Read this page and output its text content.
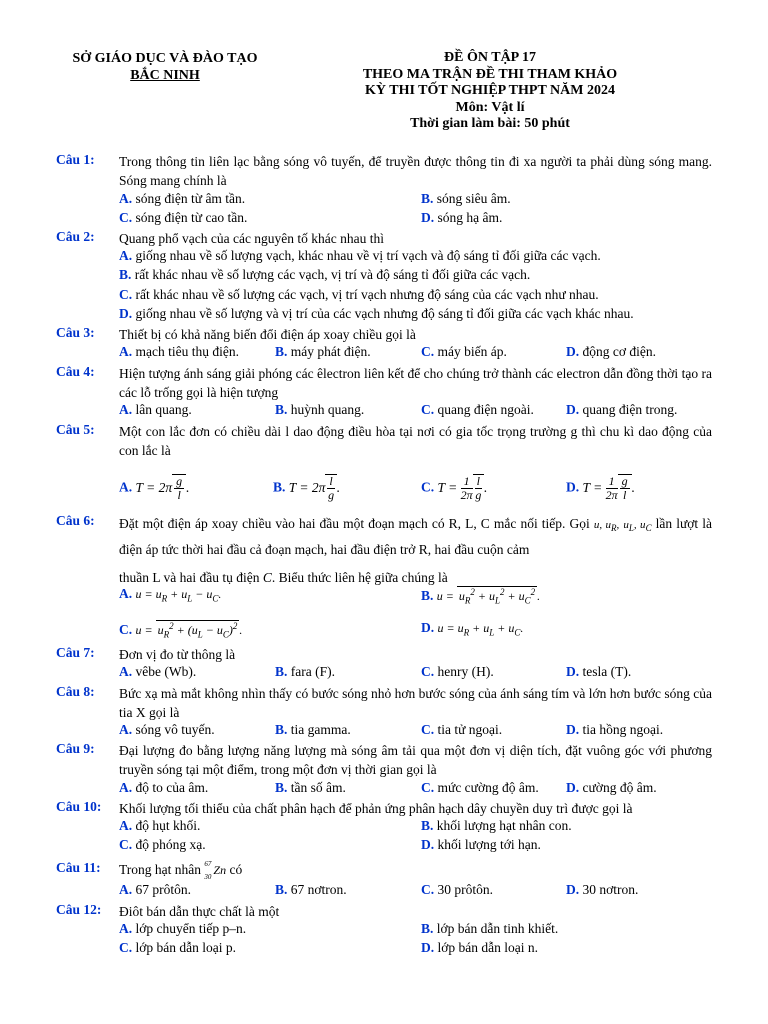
SỞ GIÁO DỤC VÀ ĐÀO TẠO
BẮC NINH
ĐỀ ÔN TẬP 17
THEO MA TRẬN ĐỀ THI THAM KHẢO
KỲ THI TỐT NGHIỆP THPT NĂM 2024
Môn: Vật lí
Thời gian làm bài: 50 phút
Câu 1: Trong thông tin liên lạc bằng sóng vô tuyến, để truyền được thông tin đi xa người ta phải dùng sóng mang. Sóng mang chính là
A. sóng điện từ âm tần.	B. sóng siêu âm.
C. sóng điện từ cao tần.	D. sóng hạ âm.
Câu 2: Quang phổ vạch của các nguyên tố khác nhau thì
A. giống nhau về số lượng vạch, khác nhau về vị trí vạch và độ sáng tỉ đối giữa các vạch.
B. rất khác nhau về số lượng các vạch, vị trí và độ sáng tỉ đối giữa các vạch.
C. rất khác nhau về số lượng các vạch, vị trí vạch nhưng độ sáng của các vạch như nhau.
D. giống nhau về số lượng và vị trí của các vạch nhưng độ sáng tỉ đối giữa các vạch khác nhau.
Câu 3: Thiết bị có khả năng biến đổi điện áp xoay chiều gọi là
A. mạch tiêu thụ điện.	B. máy phát điện.	C. máy biến áp.	D. động cơ điện.
Câu 4: Hiện tượng ánh sáng giải phóng các êlectron liên kết để cho chúng trở thành các electron dẫn đồng thời tạo ra các lỗ trống gọi là hiện tượng
A. lân quang.	B. huỳnh quang.	C. quang điện ngoài. D. quang điện trong.
Câu 5: Một con lắc đơn có chiều dài l dao động điều hòa tại nơi có gia tốc trọng trường g thì chu kì dao động của con lắc là
A. $T = 2\pi \frac{g}{l}$ .	B. $T = 2\pi \frac{l}{g}$ .	C. $T = \frac{1}{2\pi} \frac{l}{g}$ .	D. $T = \frac{1}{2\pi} \frac{g}{l}$ .
Câu 6: Đặt một điện áp xoay chiều vào hai đầu một đoạn mạch có R, L, C mắc nối tiếp. Gọi u, $u_R$, $u_L$, $u_C$ lần lượt là điện áp tức thời hai đầu cả đoạn mạch, hai đầu điện trở R, hai đầu cuộn cảm
thuần L và hai đầu tụ điện C. Biểu thức liên hệ giữa chúng là
A. $u = u_R + u_L - u_C$.	B. $u = u_R^2 + u_L^2 + u_C^2$ .
C. $u = u_R^2 + (u_L - u_C)^2$ .	D. $u = u_R + u_L + u_C$.
Câu 7: Đơn vị đo từ thông là
A. vêbe (Wb).	B. fara (F).	C. henry (H).	D. tesla (T).
Câu 8: Bức xạ mà mắt không nhìn thấy có bước sóng nhỏ hơn bước sóng của ánh sáng tím và lớn hơn bước sóng của tia X gọi là
A. sóng vô tuyến.	B. tia gamma.	C. tia tử ngoại.	D. tia hồng ngoại.
Câu 9: Đại lượng đo bằng lượng năng lượng mà sóng âm tải qua một đơn vị diện tích, đặt vuông góc với phương truyền sóng tại một điểm, trong một đơn vị thời gian gọi là
A. độ to của âm.	B. tần số âm.	C. mức cường độ âm. D. cường độ âm.
Câu 10: Khối lượng tối thiểu của chất phân hạch để phản ứng phân hạch dây chuyền duy trì được gọi là
A. độ hụt khối.	B. khối lượng hạt nhân con.
C. độ phóng xạ.	D. khối lượng tới hạn.
Câu 11: Trong hạt nhân 67
30 Zn có
A. 67 prôtôn.	B. 67 nơtron.	C. 30 prôtôn.	D. 30 nơtron.
Câu 12: Điôt bán dẫn thực chất là một
A. lớp chuyển tiếp p–n.	B. lớp bán dẫn tinh khiết.
C. lớp bán dẫn loại p.	D. lớp bán dẫn loại n.
